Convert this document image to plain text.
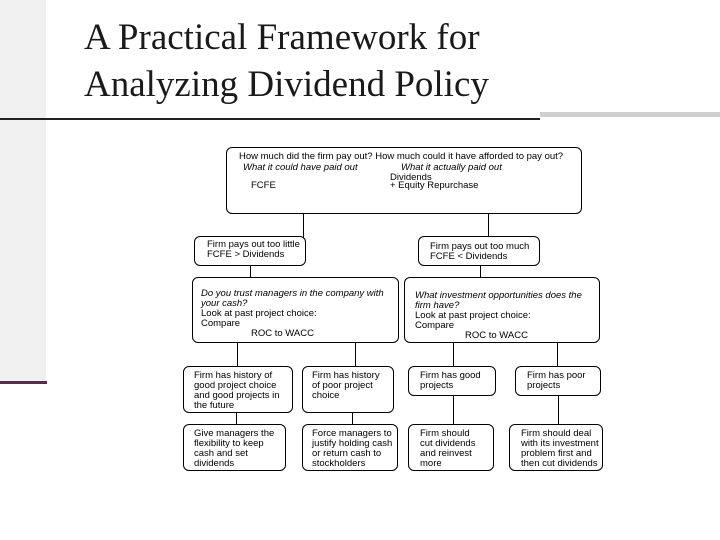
A Practical Framework for
Analyzing Dividend Policy
How much did the firm pay out? How much could it have afforded to pay out?
What it could have paid out	What it actually paid out
Dividends
FCFE	+ Equity Repurchase
Firm pays out too little
FCFE > Dividends
Firm pays out too much
FCFE < Dividends
Do you trust managers in the company with
your cash?
Look at past project choice:
Compare
ROC to WACC
What investment opportunities does the
firm have?
Look at past project choice:
Compare
ROC to WACC
Firm has history of
good project choice
and good projects in
the future
Firm has history
of poor project
choice
Firm has good
projects
Firm has poor
projects
Give managers the
flexibility to keep
cash and set
dividends
Force managers to
justify holding cash
or return cash to
stockholders
Firm should
cut dividends
and reinvest
more
Firm should deal
with its investment
problem first and
then cut dividends
